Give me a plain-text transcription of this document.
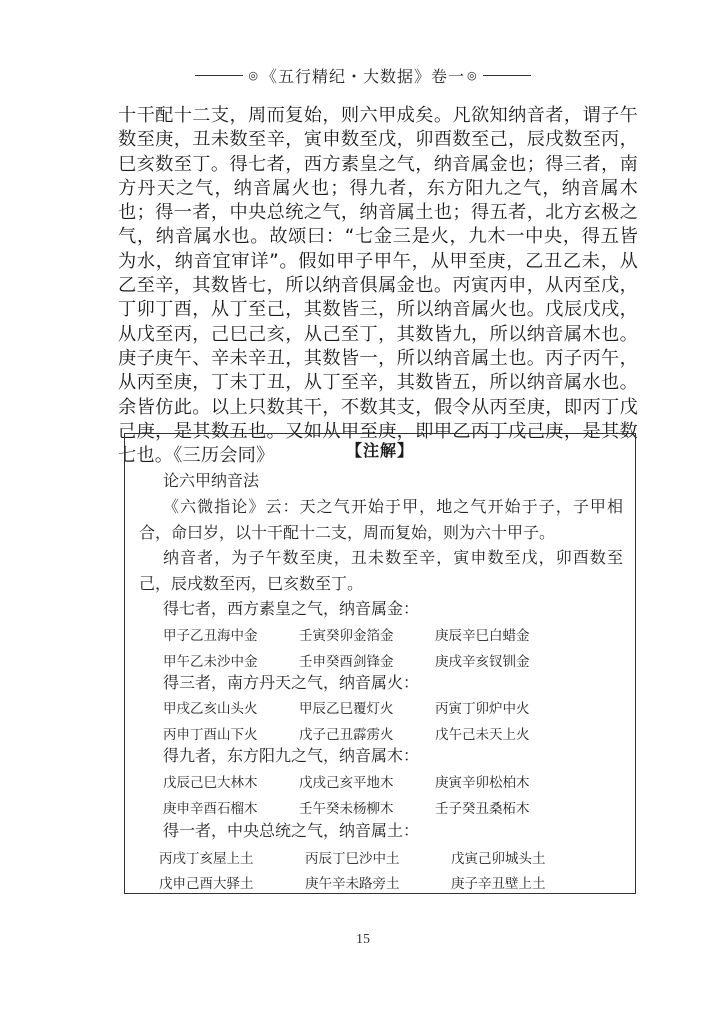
◎ 《五行精纪・大数据》卷一 ◎

十干配十二支，周而复始，则六甲成矣。凡欲知纳音者，谓子午数至庚，丑未数至辛，寅申数至戊，卯酉数至己，辰戌数至丙，巳亥数至丁。得七者，西方素皇之气，纳音属金也；得三者，南方丹天之气，纳音属火也；得九者，东方阳九之气，纳音属木也；得一者，中央总统之气，纳音属土也；得五者，北方玄极之气，纳音属水也。故颂曰：“七金三是火，九木一中央，得五皆为水，纳音宜审详”。假如甲子甲午，从甲至庚，乙丑乙未，从乙至辛，其数皆七，所以纳音俱属金也。丙寅丙申，从丙至戊，丁卯丁酉，从丁至己，其数皆三，所以纳音属火也。戊辰戊戌，从戊至丙，己巳己亥，从己至丁，其数皆九，所以纳音属木也。庚子庚午、辛未辛丑，其数皆一，所以纳音属土也。丙子丙午，从丙至庚，丁未丁丑，从丁至辛，其数皆五，所以纳音属水也。余皆仿此。以上只数其干，不数其支，假令从丙至庚，即丙丁戊己庚，是其数五也。又如从甲至庚，即甲乙丙丁戊己庚，是其数七也。《三历会同》	【注解】
论六甲纳音法
《六微指论》云：天之气开始于甲，地之气开始于子，子甲相合，命曰岁，以十干配十二支，周而复始，则为六十甲子。
纳音者，为子午数至庚，丑未数至辛，寅申数至戊，卯酉数至己，辰戌数至丙，巳亥数至丁。
得七者，西方素皇之气，纳音属金：
甲子乙丑海中金	壬寅癸卯金箔金	庚辰辛巳白蜡金
甲午乙未沙中金	壬申癸酉剑锋金	庚戌辛亥钗钏金
得三者，南方丹天之气，纳音属火：
甲戌乙亥山头火	甲辰乙巳覆灯火	丙寅丁卯炉中火
丙申丁酉山下火	戊子己丑霹雳火	戊午己未天上火
得九者，东方阳九之气，纳音属木：
戊辰己巳大林木	戊戌己亥平地木	庚寅辛卯松柏木
庚申辛酉石榴木	壬午癸未杨柳木	壬子癸丑桑柘木
得一者，中央总统之气，纳音属土：
丙戌丁亥屋上土	丙辰丁巳沙中土	戊寅己卯城头土
戊申己酉大驿土	庚午辛未路旁土	庚子辛丑壁上土
15
